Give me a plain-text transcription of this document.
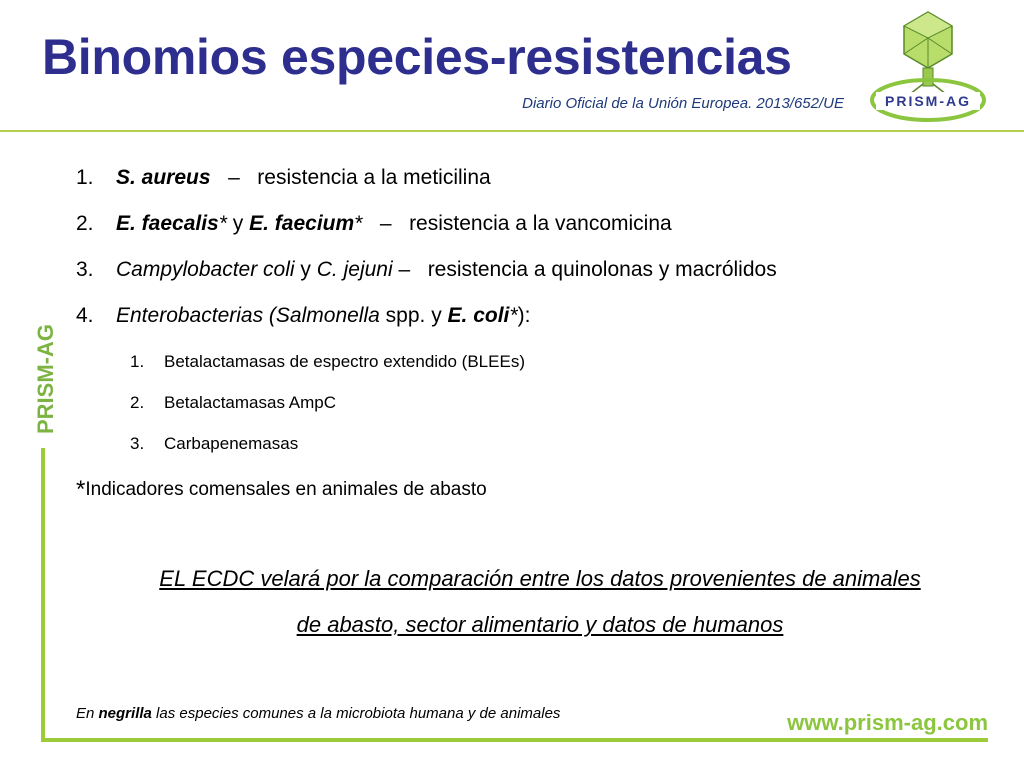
Binomios especies-resistencias
Diario Oficial de la Unión Europea. 2013/652/UE	PRISM-AG
PRISM-AG
1. S. aureus – resistencia a la meticilina
2. E. faecalis* y E. faecium* – resistencia a la vancomicina
3. Campylobacter coli y C. jejuni – resistencia a quinolonas y macrólidos
4. Enterobacterias (Salmonella spp. y E. coli*):
1. Betalactamasas de espectro extendido (BLEEs)
2. Betalactamasas AmpC
3. Carbapenemasas
*Indicadores comensales en animales de abasto
EL ECDC velará por la comparación entre los datos provenientes de animales
de abasto, sector alimentario y datos de humanos
En negrilla las especies comunes a la microbiota humana y de animales	www.prism-ag.com
